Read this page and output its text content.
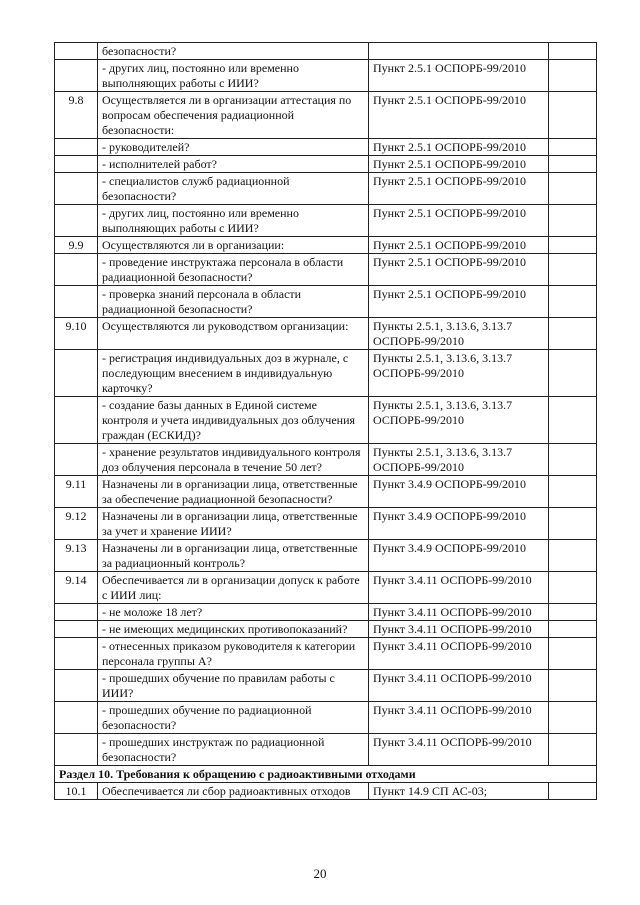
	безопасности?		
	- других лиц, постоянно или временно выполняющих работы с ИИИ?	Пункт 2.5.1 ОСПОРБ-99/2010	
9.8	Осуществляется ли в организации аттестация по вопросам обеспечения радиационной безопасности:	Пункт 2.5.1 ОСПОРБ-99/2010	
	- руководителей?	Пункт 2.5.1 ОСПОРБ-99/2010	
	- исполнителей работ?	Пункт 2.5.1 ОСПОРБ-99/2010	
	- специалистов служб радиационной безопасности?	Пункт 2.5.1 ОСПОРБ-99/2010	
	- других лиц, постоянно или временно выполняющих работы с ИИИ?	Пункт 2.5.1 ОСПОРБ-99/2010	
9.9	Осуществляются ли в организации:	Пункт 2.5.1 ОСПОРБ-99/2010	
	- проведение инструктажа персонала в области радиационной безопасности?	Пункт 2.5.1 ОСПОРБ-99/2010	
	- проверка знаний персонала в области радиационной безопасности?	Пункт 2.5.1 ОСПОРБ-99/2010	
9.10	Осуществляются ли руководством организации:	Пункты 2.5.1, 3.13.6, 3.13.7 ОСПОРБ-99/2010	
	- регистрация индивидуальных доз в журнале, с последующим внесением в индивидуальную карточку?	Пункты 2.5.1, 3.13.6, 3.13.7 ОСПОРБ-99/2010	
	- создание базы данных в Единой системе контроля и учета индивидуальных доз облучения граждан (ЕСКИД)?	Пункты 2.5.1, 3.13.6, 3.13.7 ОСПОРБ-99/2010	
	- хранение результатов индивидуального контроля доз облучения персонала в течение 50 лет?	Пункты 2.5.1, 3.13.6, 3.13.7 ОСПОРБ-99/2010	
9.11	Назначены ли в организации лица, ответственные за обеспечение радиационной безопасности?	Пункт 3.4.9 ОСПОРБ-99/2010	
9.12	Назначены ли в организации лица, ответственные за учет и хранение ИИИ?	Пункт 3.4.9 ОСПОРБ-99/2010	
9.13	Назначены ли в организации лица, ответственные за радиационный контроль?	Пункт 3.4.9 ОСПОРБ-99/2010	
9.14	Обеспечивается ли в организации допуск к работе с ИИИ лиц:	Пункт 3.4.11 ОСПОРБ-99/2010	
	- не моложе 18 лет?	Пункт 3.4.11 ОСПОРБ-99/2010	
	- не имеющих медицинских противопоказаний?	Пункт 3.4.11 ОСПОРБ-99/2010	
	- отнесенных приказом руководителя к категории персонала группы А?	Пункт 3.4.11 ОСПОРБ-99/2010	
	- прошедших обучение по правилам работы с ИИИ?	Пункт 3.4.11 ОСПОРБ-99/2010	
	- прошедших обучение по радиационной безопасности?	Пункт 3.4.11 ОСПОРБ-99/2010	
	- прошедших инструктаж по радиационной безопасности?	Пункт 3.4.11 ОСПОРБ-99/2010	
Раздел 10. Требования к обращению с радиоактивными отходами			
10.1	Обеспечивается ли сбор радиоактивных отходов	Пункт 14.9 СП АС-03;	
20
